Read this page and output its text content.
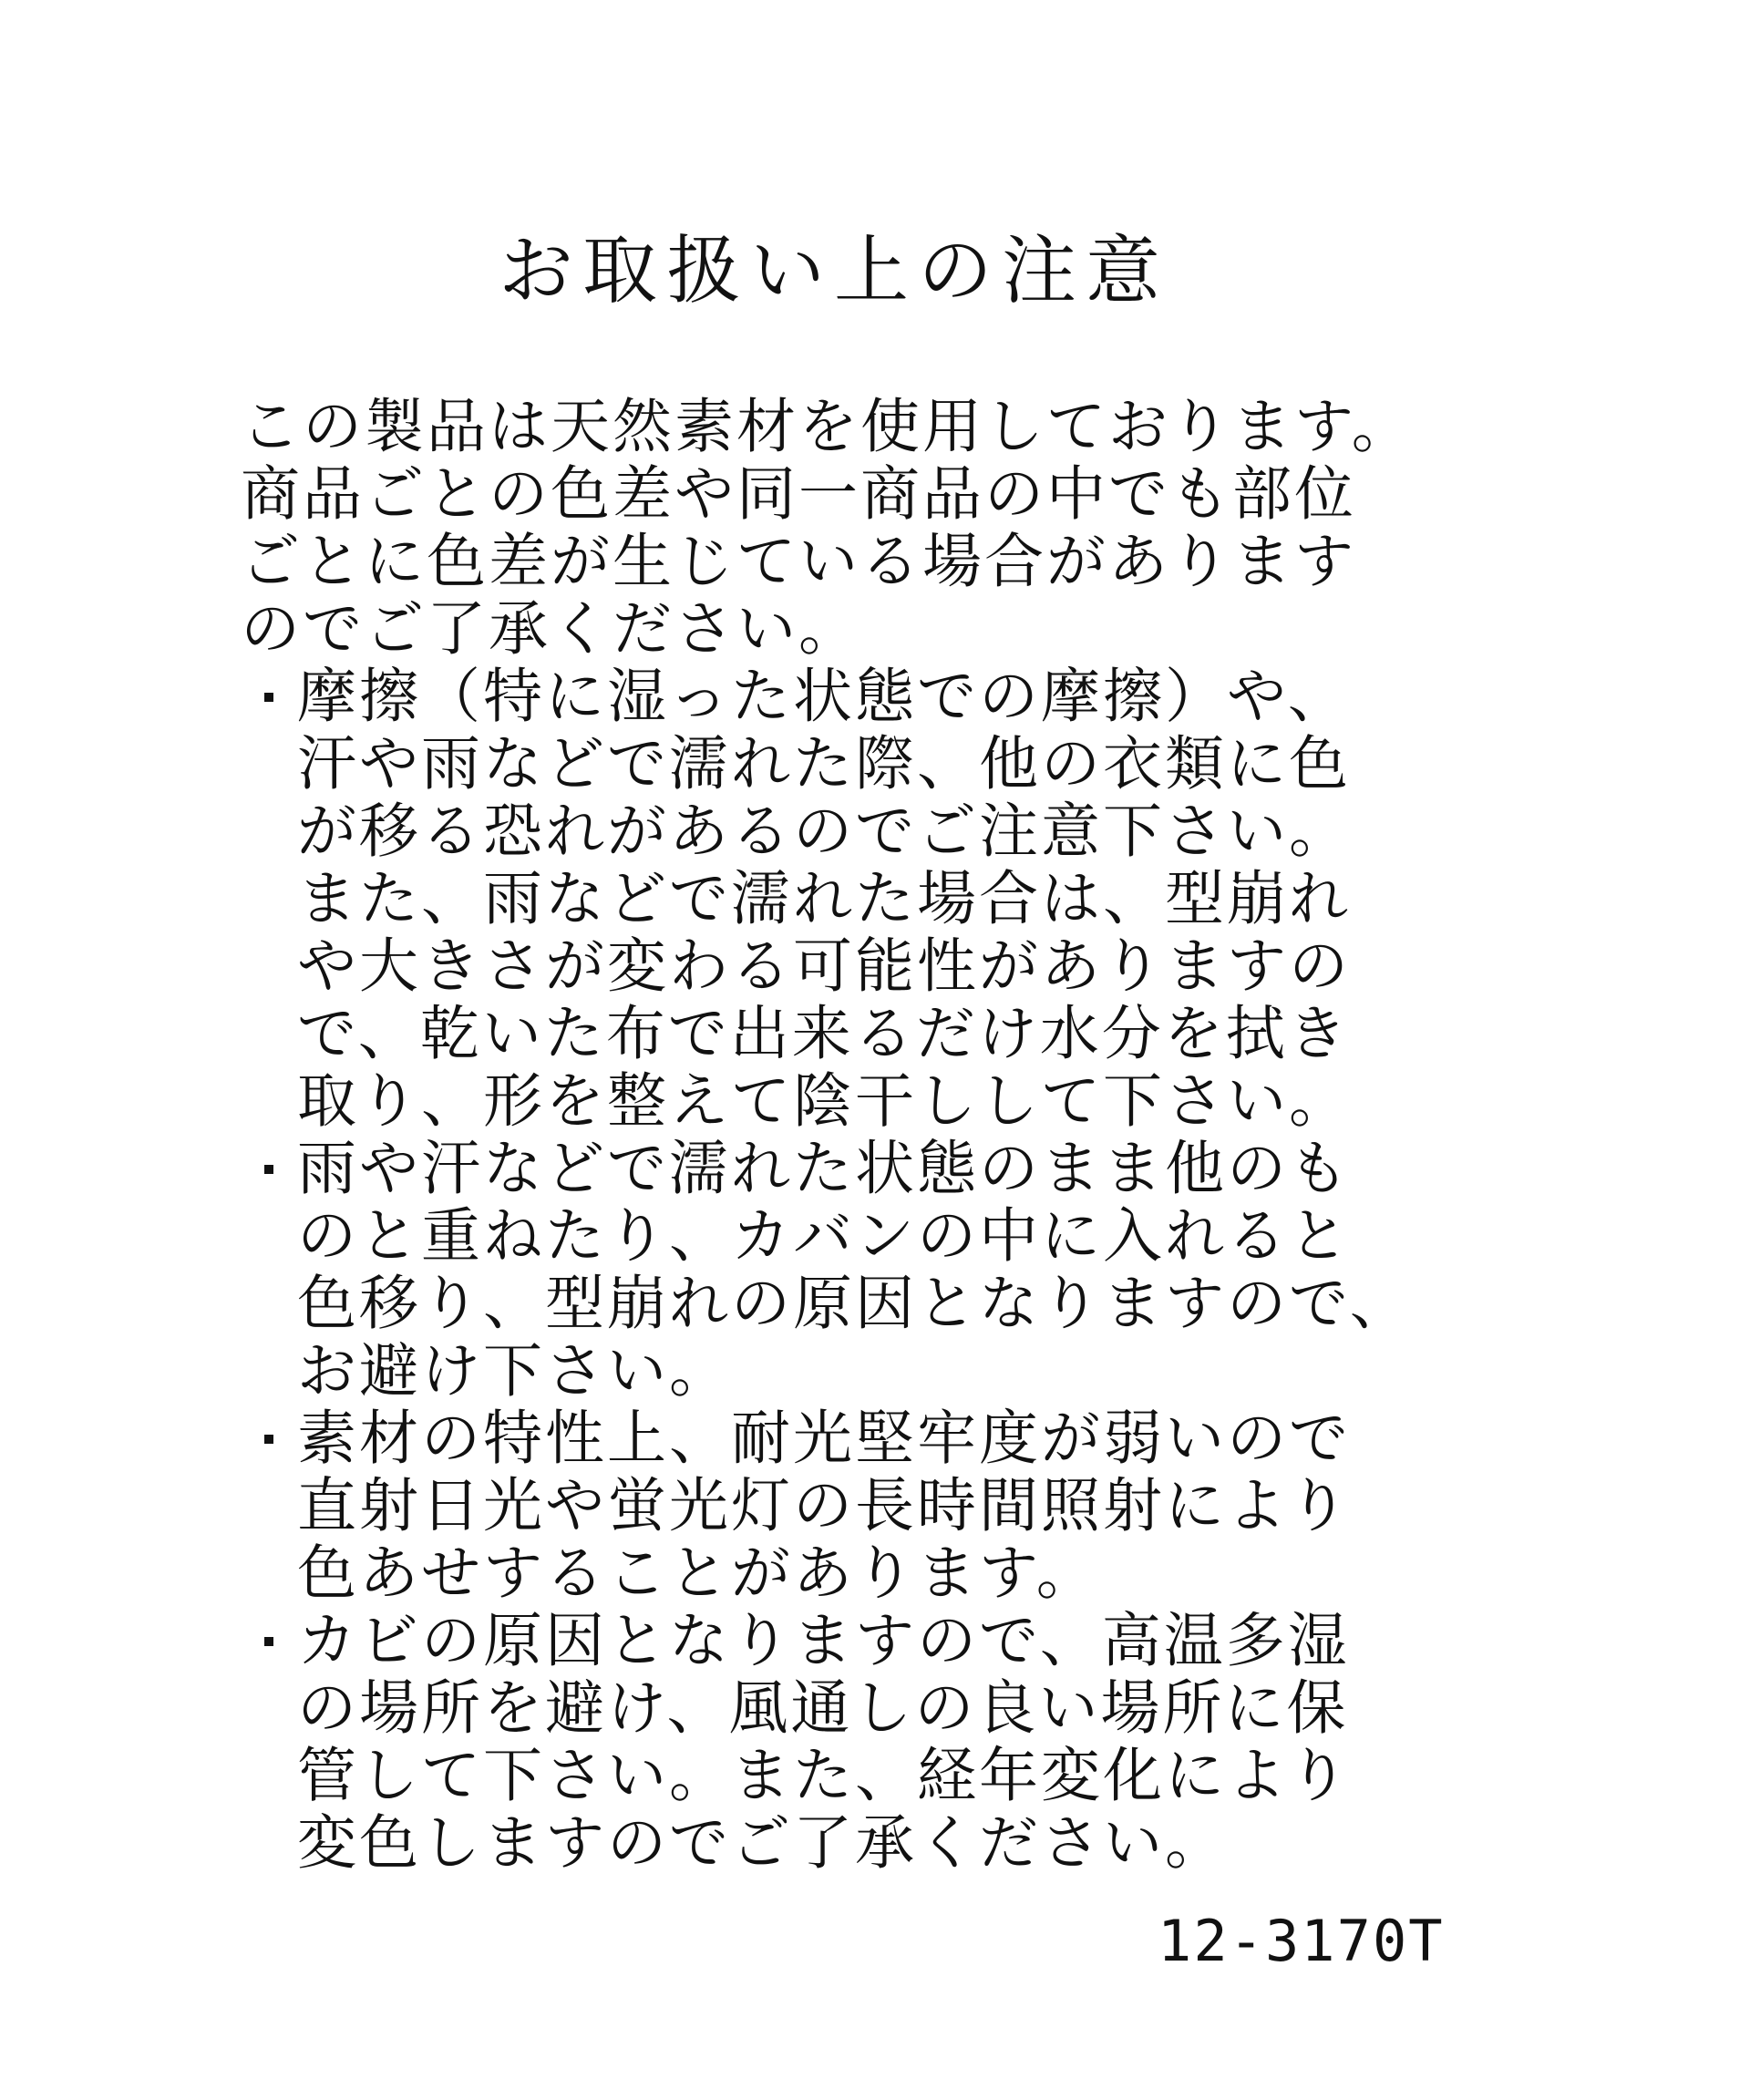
お取扱い上の注意
この製品は天然素材を使用しております。
商品ごとの色差や同一商品の中でも部位
ごとに色差が生じている場合があります
のでご了承ください。
摩擦（特に湿った状態での摩擦）や、
汗や雨などで濡れた際、他の衣類に色
が移る恐れがあるのでご注意下さい。
また、雨などで濡れた場合は、型崩れ
や大きさが変わる可能性がありますの
で、乾いた布で出来るだけ水分を拭き
取り、形を整えて陰干しして下さい。
雨や汗などで濡れた状態のまま他のも
のと重ねたり、カバンの中に入れると
色移り、型崩れの原因となりますので、
お避け下さい。
素材の特性上、耐光堅牢度が弱いので
直射日光や蛍光灯の長時間照射により
色あせすることがあります。
カビの原因となりますので、高温多湿
の場所を避け、風通しの良い場所に保
管して下さい。また、経年変化により
変色しますのでご了承ください。
12-3170T
